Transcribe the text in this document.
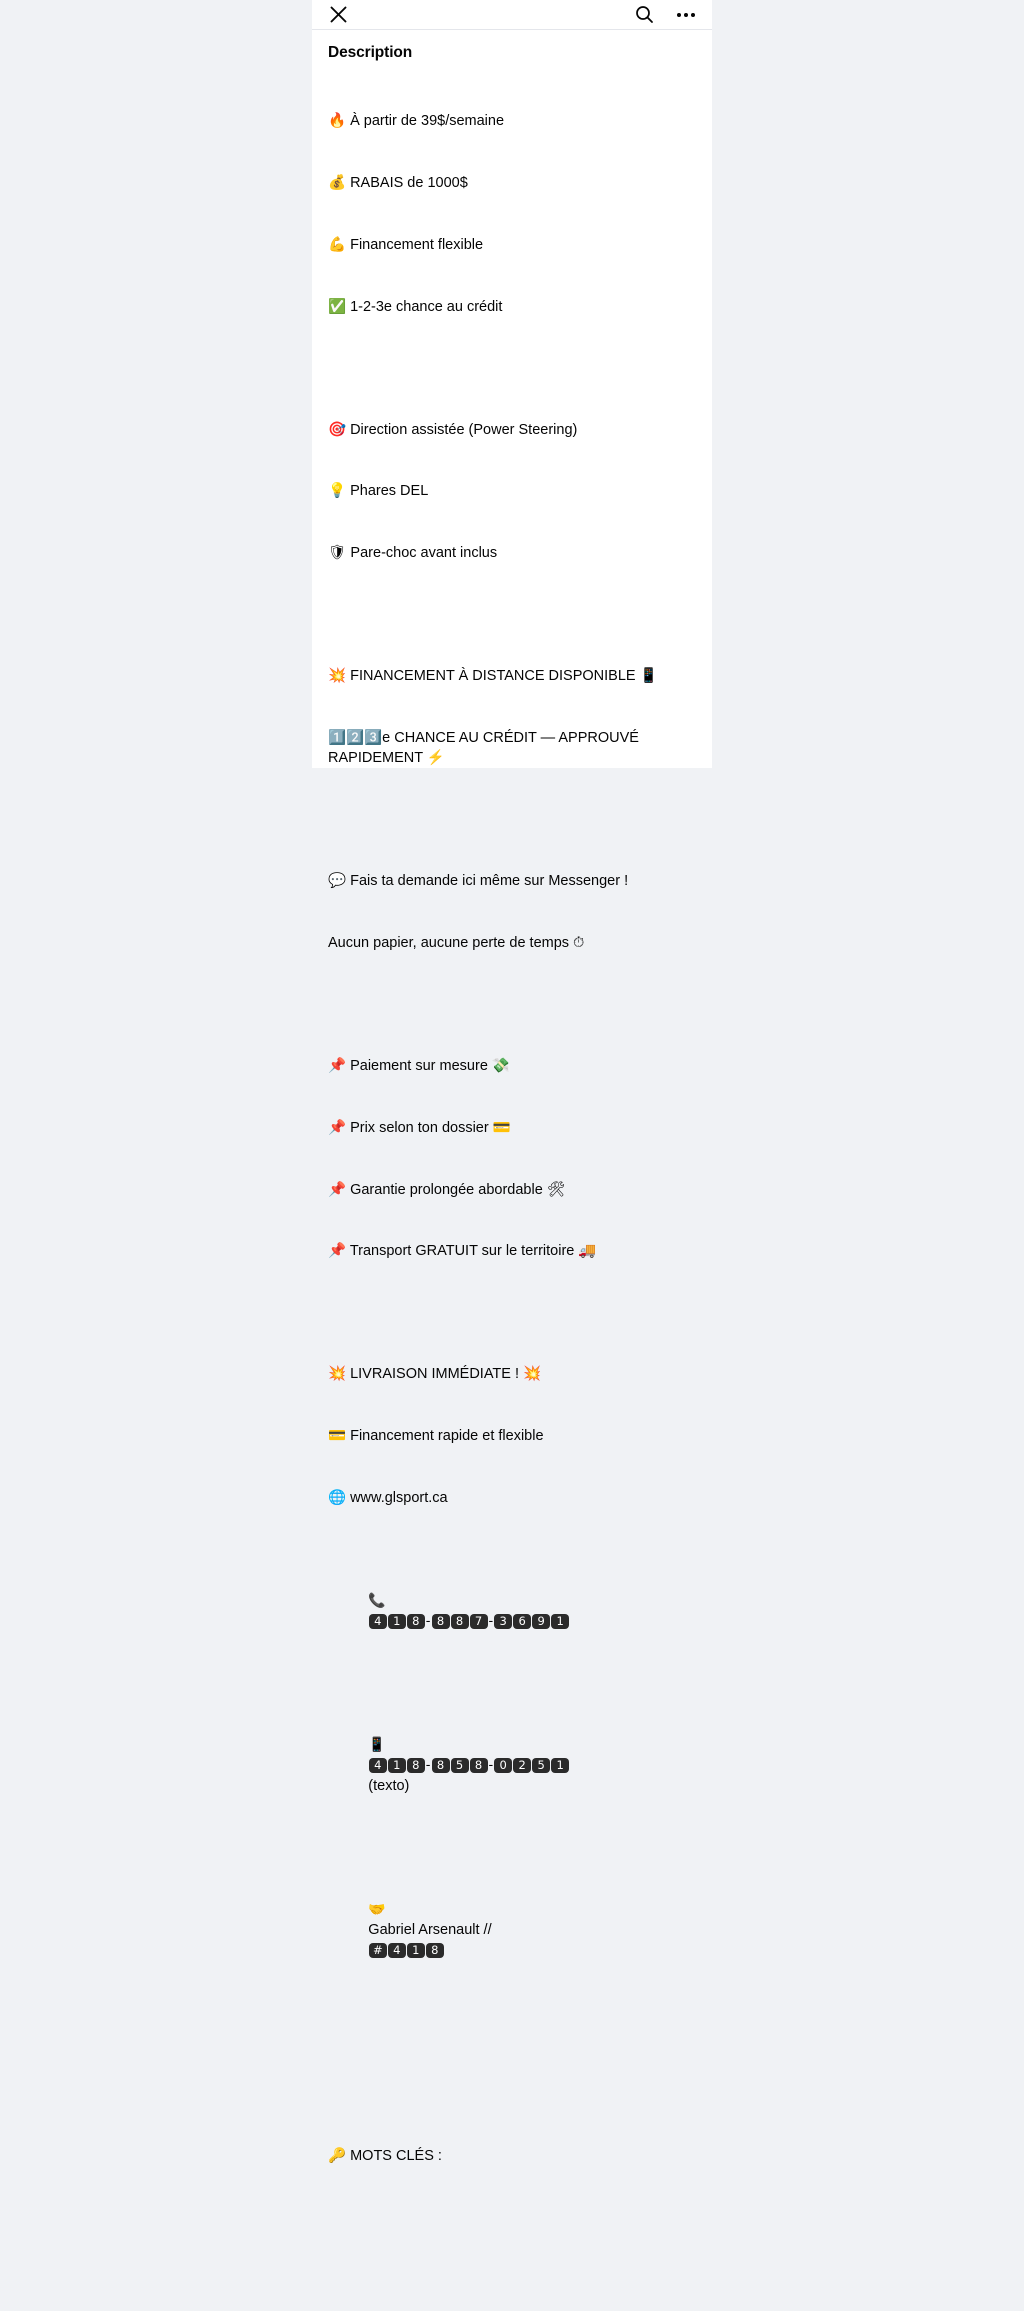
Description

🔥 À partir de 39$/semaine

💰 RABAIS de 1000$

💪 Financement flexible

✅ 1-2-3e chance au crédit

🎯 Direction assistée (Power Steering)

💡 Phares DEL

🛡 Pare-choc avant inclus

💥 FINANCEMENT À DISTANCE DISPONIBLE 📱

1️⃣2️⃣3️⃣e CHANCE AU CRÉDIT — APPROUVÉ RAPIDEMENT ⚡

💬 Fais ta demande ici même sur Messenger !

Aucun papier, aucune perte de temps ⏱

📌 Paiement sur mesure 💸

📌 Prix selon ton dossier 💳

📌 Garantie prolongée abordable 🛠

📌 Transport GRATUIT sur le territoire 🚚

💥 LIVRAISON IMMÉDIATE ! 💥

💳 Financement rapide et flexible

🌐 www.glsport.ca

📞
4 1 8 - 8 8 7 - 3 6 9 1

📱
4 1 8 - 8 5 8 - 0 2 5 1
(texto)

🤝
Gabriel Arsenault //
# 4 1 8

🔑 MOTS CLÉS :
